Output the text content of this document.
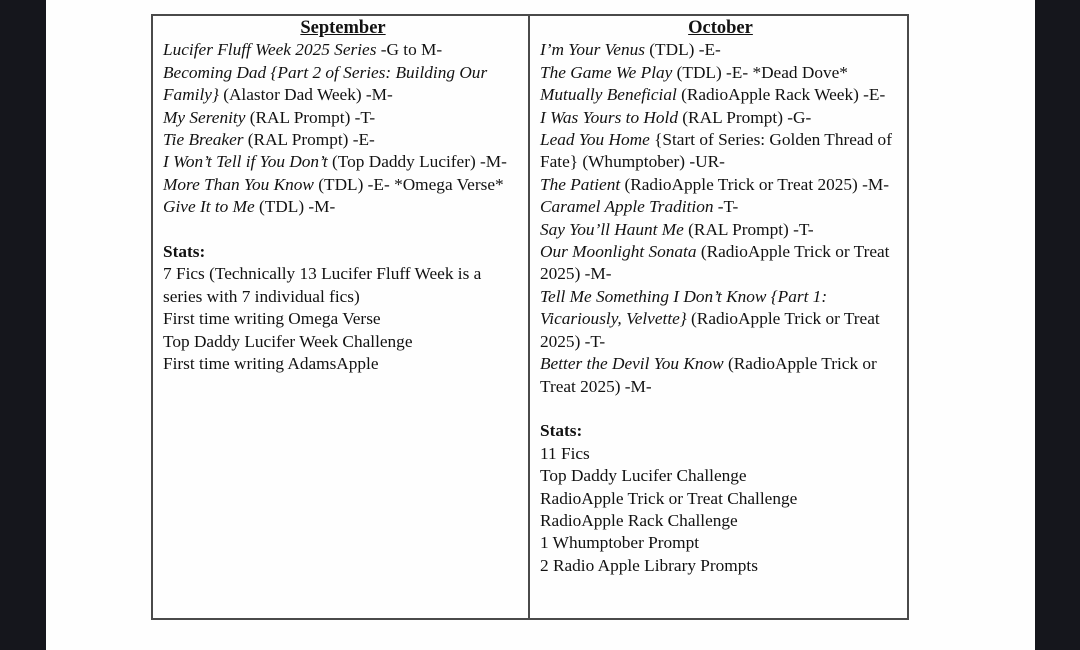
September

Lucifer Fluff Week 2025 Series -G to M-

Becoming Dad {Part 2 of Series: Building Our Family} (Alastor Dad Week) -M-

My Serenity (RAL Prompt) -T-

Tie Breaker (RAL Prompt) -E-

I Won’t Tell if You Don’t (Top Daddy Lucifer) -M-

More Than You Know (TDL) -E- *Omega Verse*

Give It to Me (TDL) -M-

Stats:

7 Fics (Technically 13 Lucifer Fluff Week is a series with 7 individual fics)

First time writing Omega Verse

Top Daddy Lucifer Week Challenge

First time writing AdamsApple

October

I’m Your Venus (TDL) -E-

The Game We Play (TDL) -E- *Dead Dove*

Mutually Beneficial (RadioApple Rack Week) -E-

I Was Yours to Hold (RAL Prompt) -G-

Lead You Home {Start of Series: Golden Thread of Fate} (Whumptober) -UR-

The Patient (RadioApple Trick or Treat 2025) -M-

Caramel Apple Tradition -T-

Say You’ll Haunt Me (RAL Prompt) -T-

Our Moonlight Sonata (RadioApple Trick or Treat 2025) -M-

Tell Me Something I Don’t Know {Part 1: Vicariously, Velvette} (RadioApple Trick or Treat 2025) -T-

Better the Devil You Know (RadioApple Trick or Treat 2025) -M-

Stats:

11 Fics

Top Daddy Lucifer Challenge

RadioApple Trick or Treat Challenge

RadioApple Rack Challenge

1 Whumptober Prompt

2 Radio Apple Library Prompts
